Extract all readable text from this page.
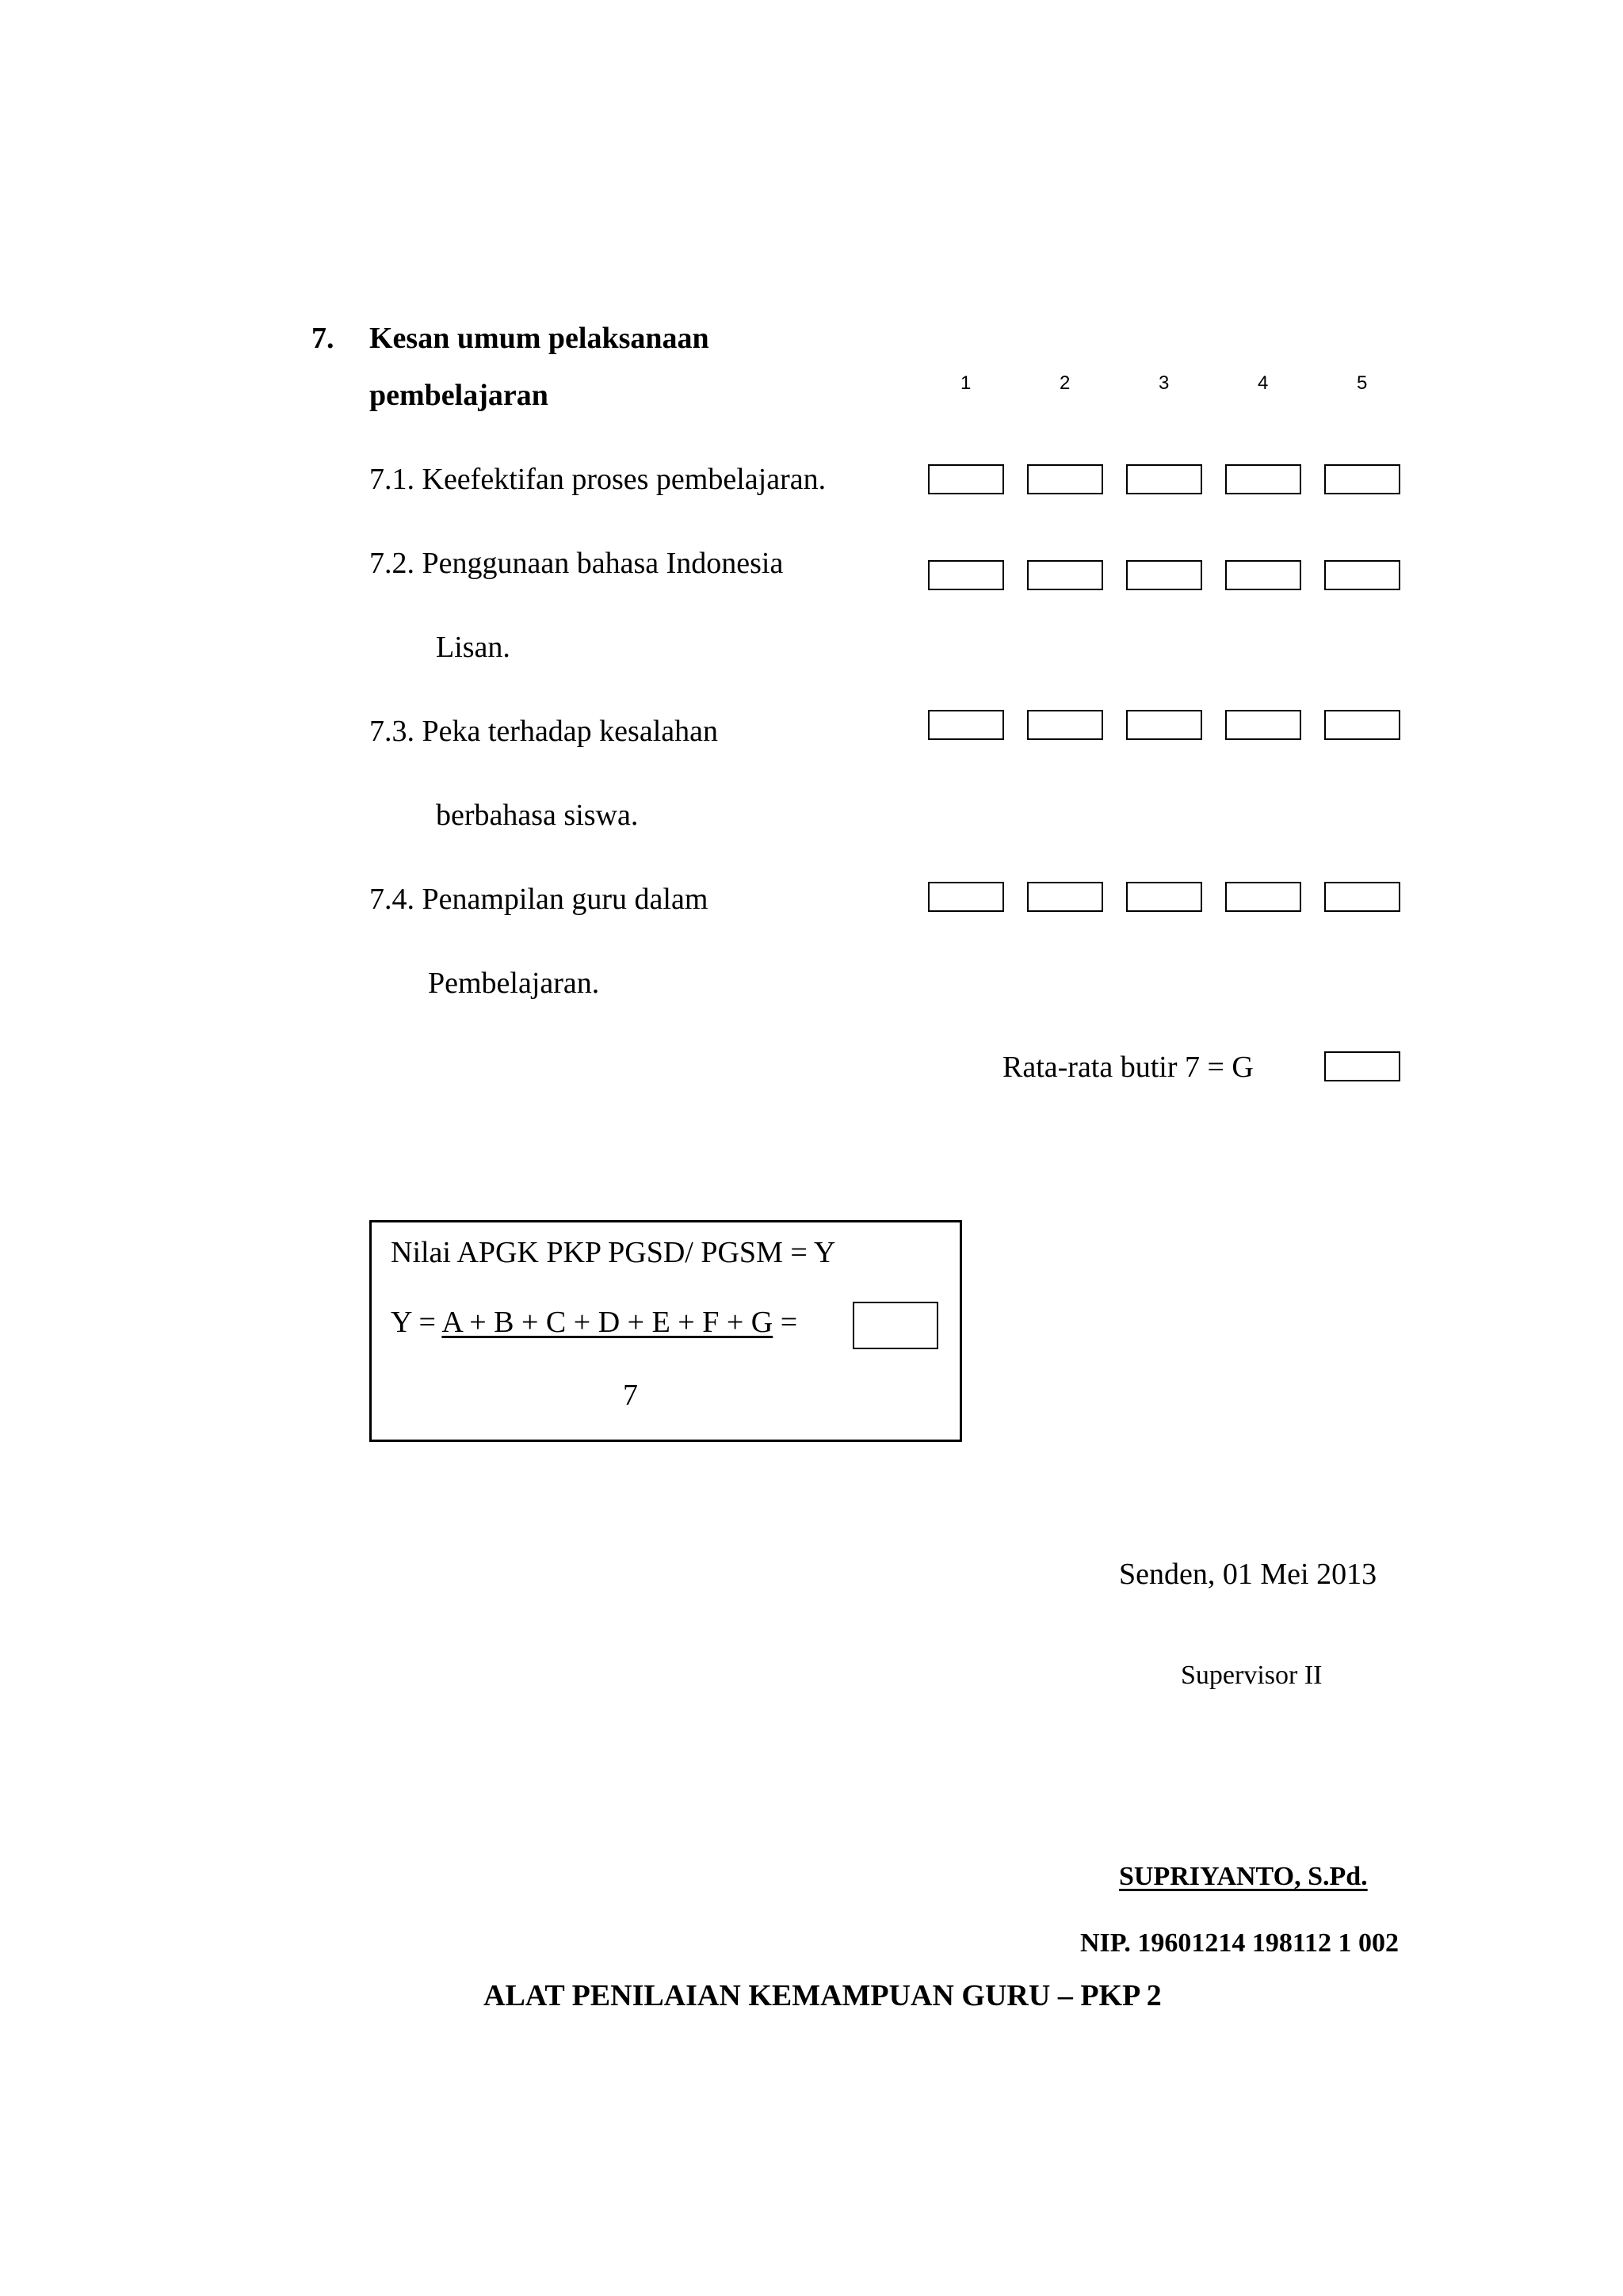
7. Kesan umum pelaksanaan
pembelajaran	1	2	3	4	5
7.1. Keefektifan proses pembelajaran.
7.2. Penggunaan bahasa Indonesia
Lisan.
7.3. Peka terhadap kesalahan
berbahasa siswa.
7.4. Penampilan guru dalam
Pembelajaran.
Rata-rata butir 7 = G
Nilai APGK PKP PGSD/ PGSM = Y
Y = A + B + C + D + E + F + G =
7
Senden, 01 Mei 2013
Supervisor II
SUPRIYANTO, S.Pd.
NIP. 19601214 198112 1 002
ALAT PENILAIAN KEMAMPUAN GURU – PKP 2
